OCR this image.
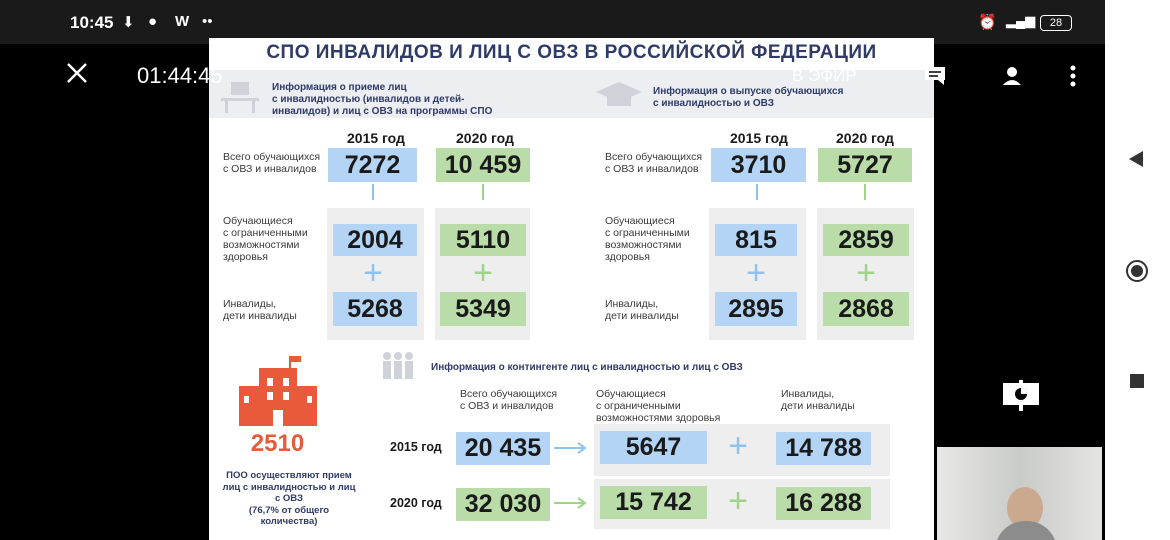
10:45 ⬇ ● W ••	⏰ ▂▄▆	28
СПО ИНВАЛИДОВ И ЛИЦ С ОВЗ В РОССИЙСКОЙ ФЕДЕРАЦИИ
Информация о приеме лиц
с инвалидностью (инвалидов и детей-
инвалидов) и лиц с ОВЗ на программы СПО
2015 год	2020 год
Всего обучающихся
с ОВЗ и инвалидов	7272	10 459
Обучающиеся
с ограниченными
возможностями
здоровья
2004	5110
+	+
Инвалиды,
дети инвалиды	5268	5349
Информация о выпуске обучающихся
с инвалидностью и ОВЗ
2015 год	2020 год
Всего обучающихся
с ОВЗ и инвалидов	3710	5727
Обучающиеся
с ограниченными
возможностями
здоровья
815	2859
+	+
Инвалиды,
дети инвалиды	2895	2868
2510
ПОО осуществляют прием
лиц с инвалидностью и лиц
с ОВЗ
(76,7% от общего
количества)
Информация о контингенте лиц с инвалидностью и лиц с ОВЗ
Всего обучающихся
с ОВЗ и инвалидов
Обучающиеся
с ограниченными
возможностями здоровья
Инвалиды,
дети инвалиды
2015 год 20 435	5647	+	14 788
2020 год 32 030	15 742	+	16 288
01:44:45	В ЭФИР
